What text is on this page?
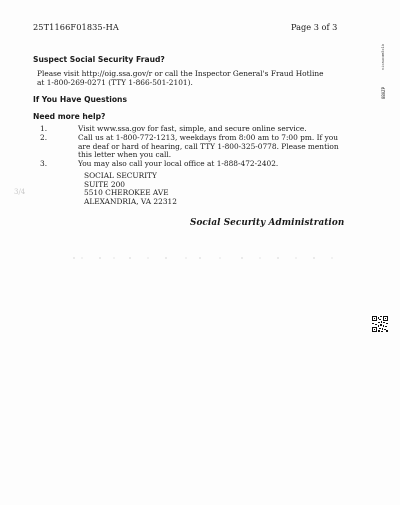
25T1166F01835-HA	Page 3 of 3
vicaucam5c1b
8B0ZP
Suspect Social Security Fraud?
Please visit http://oig.ssa.gov/r or call the Inspector General's Fraud Hotline
at 1-800-269-0271 (TTY 1-866-501-2101).
If You Have Questions
Need more help?
1.	Visit www.ssa.gov for fast, simple, and secure online service.
2.	Call us at 1-800-772-1213, weekdays from 8:00 am to 7:00 pm. If you
are deaf or hard of hearing, call TTY 1-800-325-0778. Please mention
this letter when you call.
3.	You may also call your local office at 1-888-472-2402.
SOCIAL SECURITY
SUITE 200
5510 CHEROKEE AVE
ALEXANDRIA, VA 22312
3/4
Social Security Administration
